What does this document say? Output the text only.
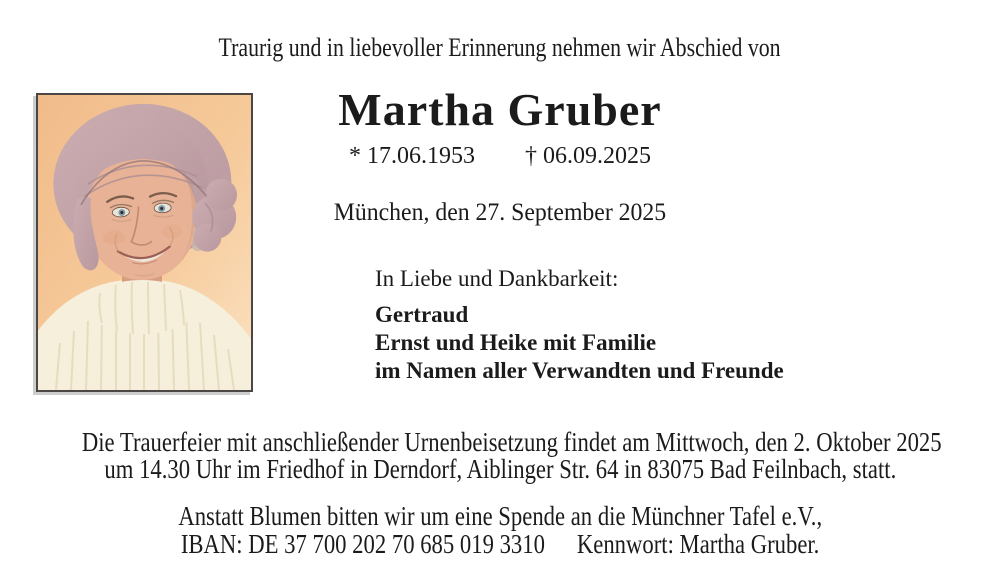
Traurig und in liebevoller Erinnerung nehmen wir Abschied von
Martha Gruber
* 17.06.1953 † 06.09.2025
München, den 27. September 2025
In Liebe und Dankbarkeit:
Gertraud
Ernst und Heike mit Familie
im Namen aller Verwandten und Freunde
Die Trauerfeier mit anschließender Urnenbeisetzung findet am Mittwoch, den 2. Oktober 2025
um 14.30 Uhr im Friedhof in Derndorf, Aiblinger Str. 64 in 83075 Bad Feilnbach, statt.
Anstatt Blumen bitten wir um eine Spende an die Münchner Tafel e.V.,
IBAN: DE 37 700 202 70 685 019 3310 Kennwort: Martha Gruber.
